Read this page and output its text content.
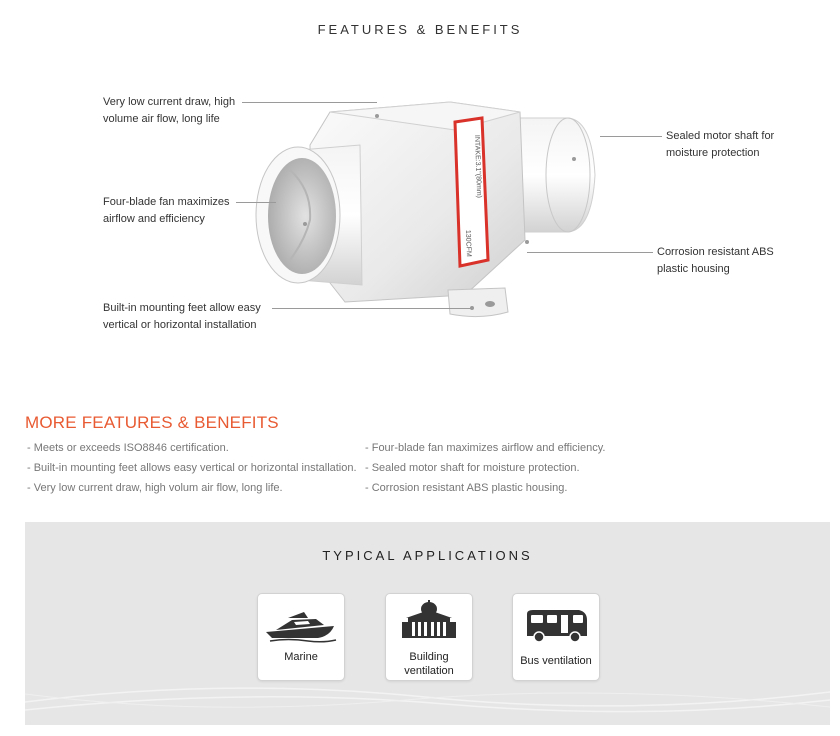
FEATURES & BENEFITS
INTAKE:3.1"(80mm)
130CFM
Very low current draw, high
volume air flow, long life
Four-blade fan maximizes
airflow and efficiency
Built-in mounting feet allow easy
vertical or horizontal installation
Sealed motor shaft for
moisture protection
Corrosion resistant ABS
plastic housing
MORE FEATURES & BENEFITS
- Meets or exceeds ISO8846 certification.
- Built-in mounting feet allows easy vertical or horizontal installation.
- Very low current draw, high volum air flow, long life.
- Four-blade fan maximizes airflow and efficiency.
- Sealed motor shaft for moisture protection.
- Corrosion resistant ABS plastic housing.
TYPICAL APPLICATIONS
Marine	Building
ventilation
Bus ventilation
